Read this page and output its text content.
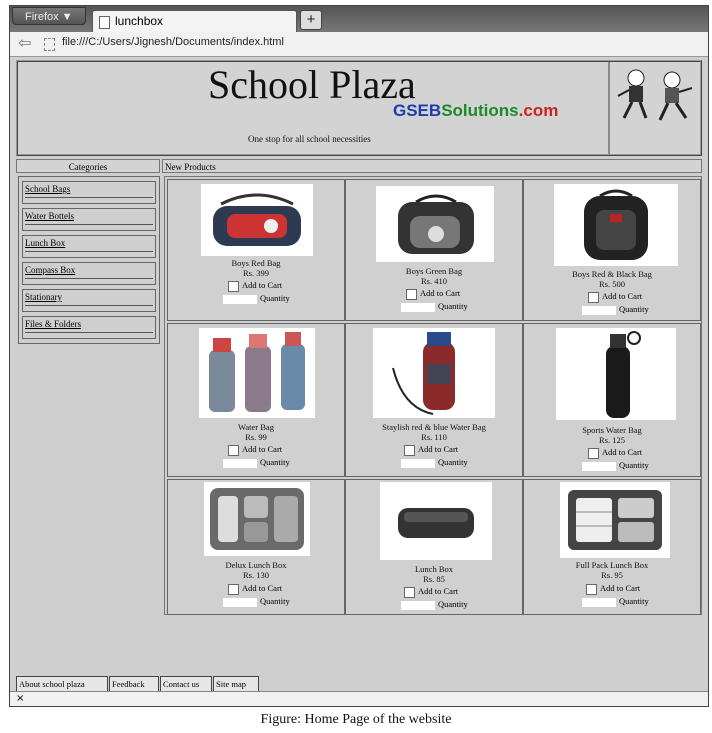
Firefox ▼	lunchbox	+
⇦	file:///C:/Users/Jignesh/Documents/index.html
School Plaza
GSEBSolutions.com
One stop for all school necessities
Categories
School Bags
Water Bottels
Lunch Box
Compass Box
Stationary
Files & Folders
New Products
Boys Red Bag
Rs. 399
Add to Cart
Quantity
Boys Green Bag
Rs. 410
Add to Cart
Quantity
Boys Red & Black Bag
Rs. 500
Add to Cart
Quantity
Water Bag
Rs. 99
Add to Cart
Quantity
Staylish red & blue Water Bag
Rs. 110
Add to Cart
Quantity
Sports Water Bag
Rs. 125
Add to Cart
Quantity
Delux Lunch Box
Rs. 130
Add to Cart
Quantity
Lunch Box
Rs. 85
Add to Cart
Quantity
Full Pack Lunch Box
Rs. 95
Add to Cart
Quantity
About school plaza	Feedback	Contact us	Site map
×
Figure: Home Page of the website
